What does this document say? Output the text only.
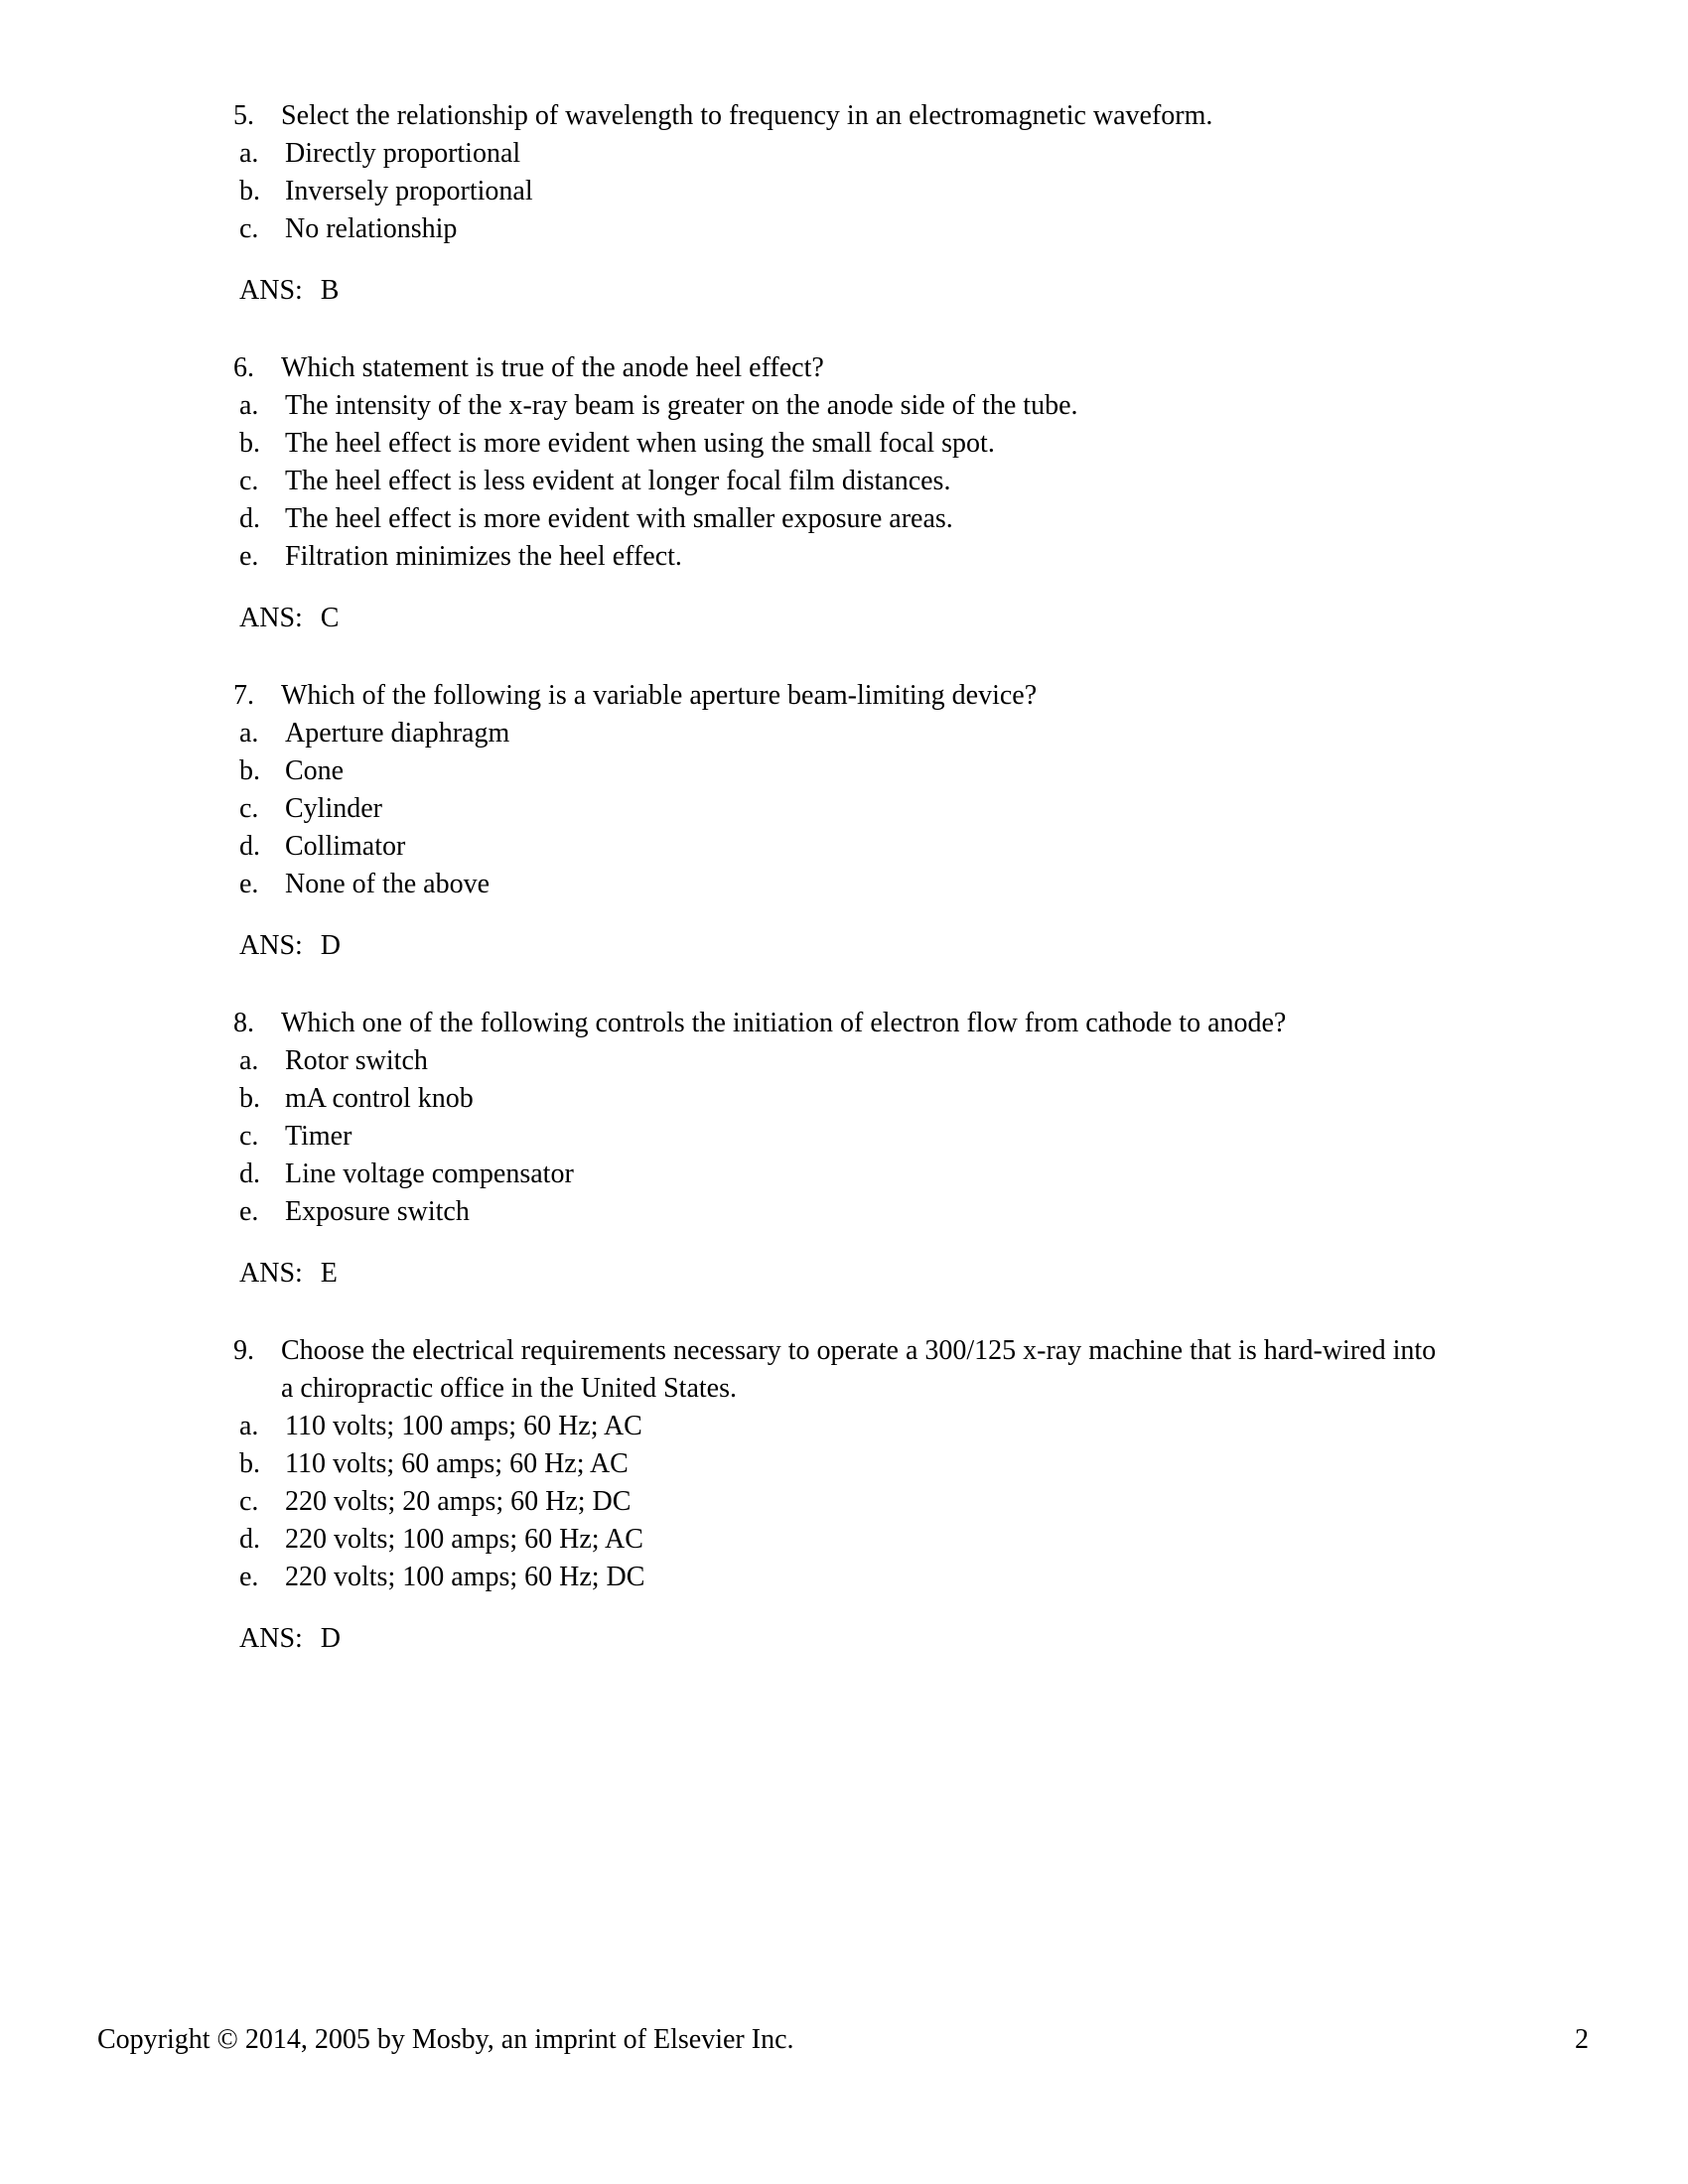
5. Select the relationship of wavelength to frequency in an electromagnetic waveform.
a. Directly proportional
b. Inversely proportional
c. No relationship
ANS: B
6. Which statement is true of the anode heel effect?
a. The intensity of the x-ray beam is greater on the anode side of the tube.
b. The heel effect is more evident when using the small focal spot.
c. The heel effect is less evident at longer focal film distances.
d. The heel effect is more evident with smaller exposure areas.
e. Filtration minimizes the heel effect.
ANS: C
7. Which of the following is a variable aperture beam-limiting device?
a. Aperture diaphragm
b. Cone
c. Cylinder
d. Collimator
e. None of the above
ANS: D
8. Which one of the following controls the initiation of electron flow from cathode to anode?
a. Rotor switch
b. mA control knob
c. Timer
d. Line voltage compensator
e. Exposure switch
ANS: E
9. Choose the electrical requirements necessary to operate a 300/125 x-ray machine that is hard-wired into a chiropractic office in the United States.
a. 110 volts; 100 amps; 60 Hz; AC
b. 110 volts; 60 amps; 60 Hz; AC
c. 220 volts; 20 amps; 60 Hz; DC
d. 220 volts; 100 amps; 60 Hz; AC
e. 220 volts; 100 amps; 60 Hz; DC
ANS: D
Copyright © 2014, 2005 by Mosby, an imprint of Elsevier Inc.	2
